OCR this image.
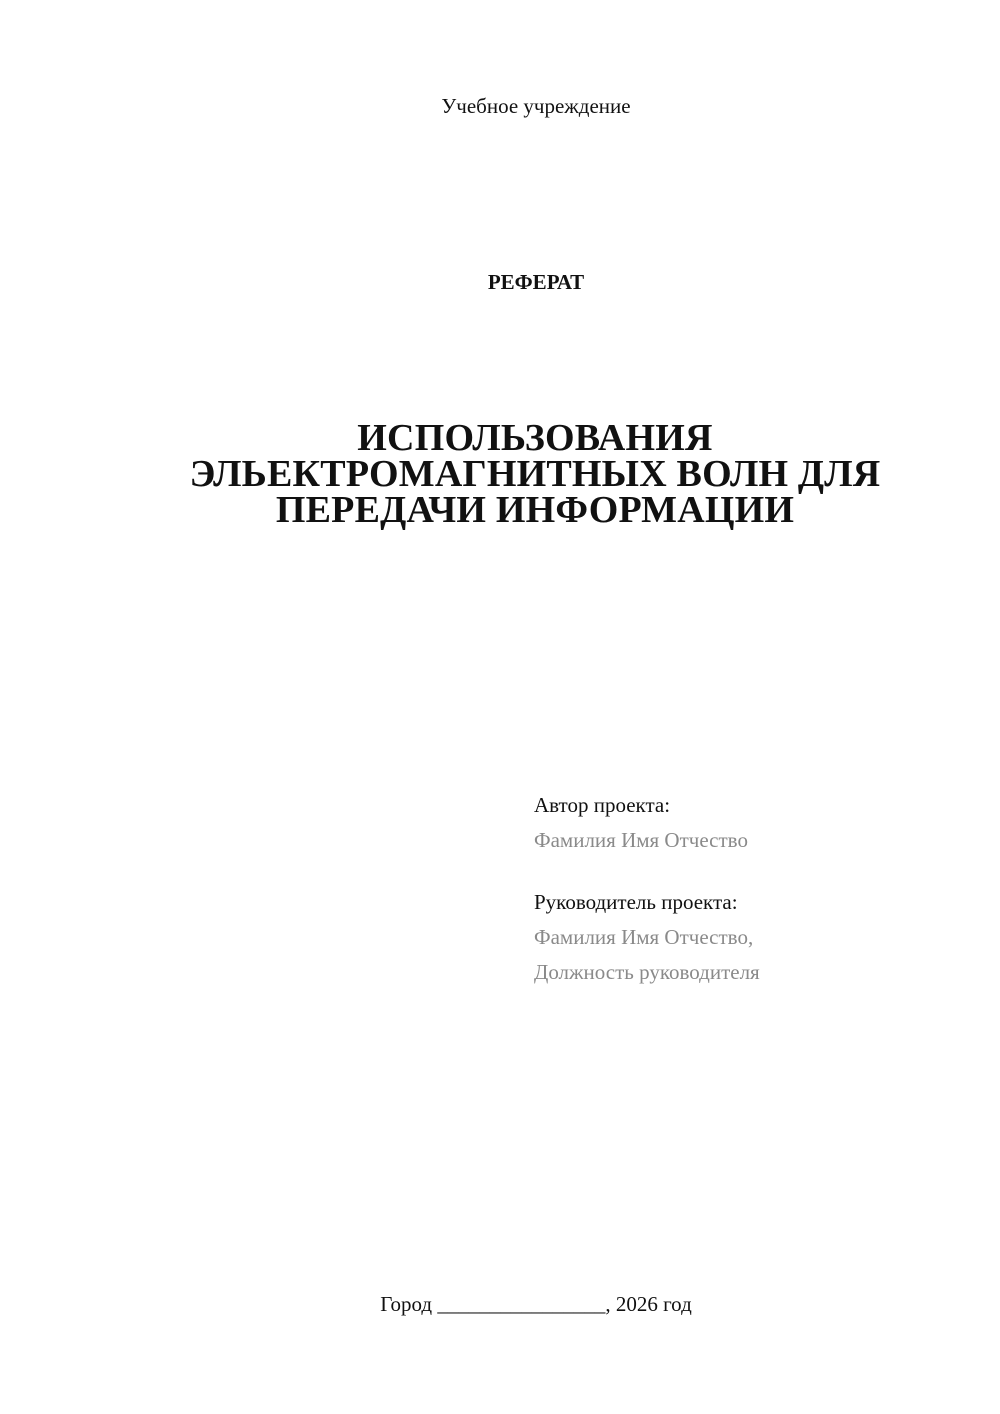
Учебное учреждение
РЕФЕРАТ
ИСПОЛЬЗОВАНИЯ
ЭЛЬЕКТРОМАГНИТНЫХ ВОЛН ДЛЯ
ПЕРЕДАЧИ ИНФОРМАЦИИ
Автор проекта:
Фамилия Имя Отчество
Руководитель проекта:
Фамилия Имя Отчество,
Должность руководителя
Город ________________, 2026 год
